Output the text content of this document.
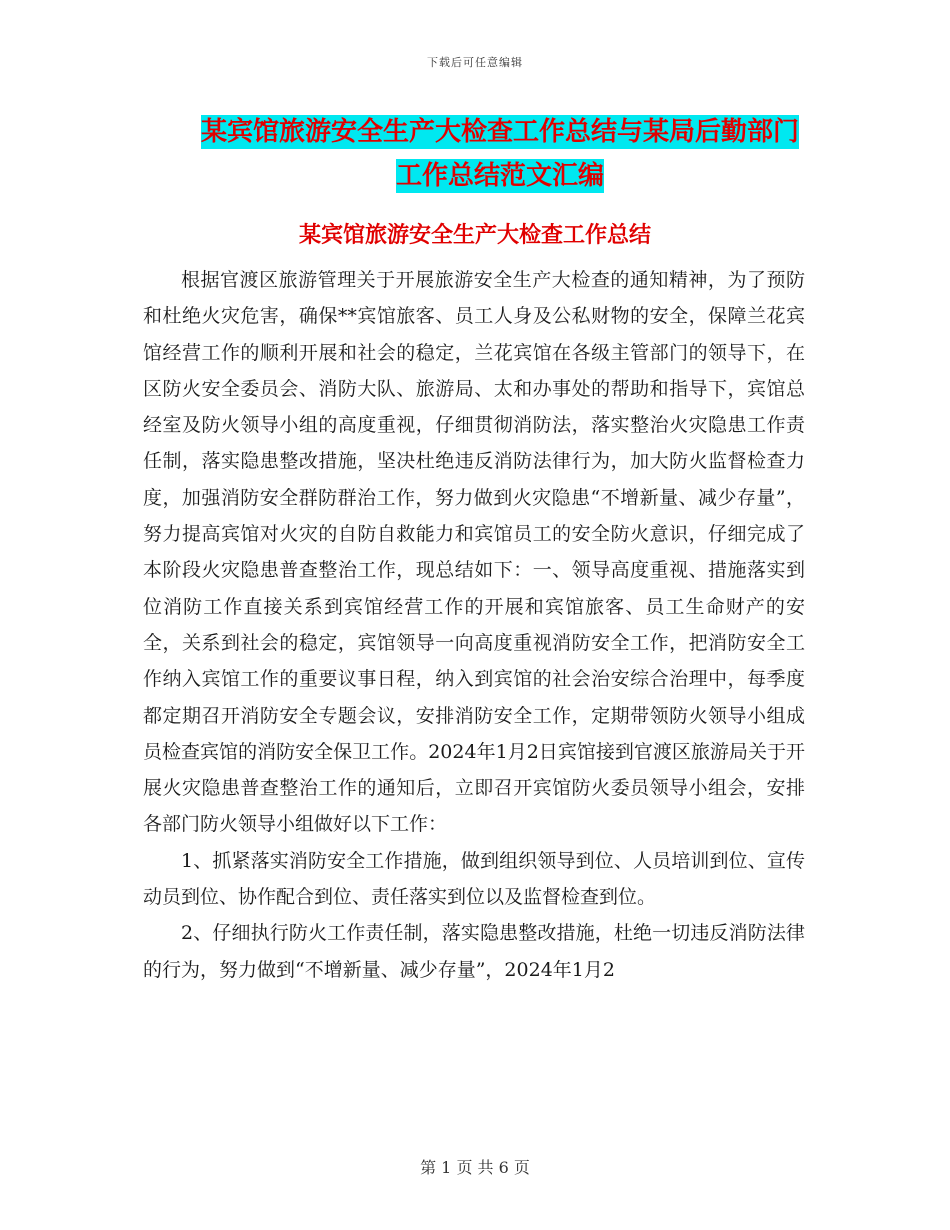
下载后可任意编辑
某宾馆旅游安全生产大检查工作总结与某局后勤部门
工作总结范文汇编
某宾馆旅游安全生产大检查工作总结

根据官渡区旅游管理关于开展旅游安全生产大检查的通知精神，为了预防和杜绝火灾危害，确保**宾馆旅客、员工人身及公私财物的安全，保障兰花宾馆经营工作的顺利开展和社会的稳定，兰花宾馆在各级主管部门的领导下，在区防火安全委员会、消防大队、旅游局、太和办事处的帮助和指导下，宾馆总经室及防火领导小组的高度重视，仔细贯彻消防法，落实整治火灾隐患工作责任制，落实隐患整改措施，坚决杜绝违反消防法律行为，加大防火监督检查力度，加强消防安全群防群治工作，努力做到火灾隐患“不增新量、减少存量”，努力提高宾馆对火灾的自防自救能力和宾馆员工的安全防火意识，仔细完成了本阶段火灾隐患普查整治工作，现总结如下：一、领导高度重视、措施落实到位消防工作直接关系到宾馆经营工作的开展和宾馆旅客、员工生命财产的安全，关系到社会的稳定，宾馆领导一向高度重视消防安全工作，把消防安全工作纳入宾馆工作的重要议事日程，纳入到宾馆的社会治安综合治理中，每季度都定期召开消防安全专题会议，安排消防安全工作，定期带领防火领导小组成员检查宾馆的消防安全保卫工作。2024年1月2日宾馆接到官渡区旅游局关于开展火灾隐患普查整治工作的通知后，立即召开宾馆防火委员领导小组会，安排各部门防火领导小组做好以下工作：

1、抓紧落实消防安全工作措施，做到组织领导到位、人员培训到位、宣传动员到位、协作配合到位、责任落实到位以及监督检查到位。

2、仔细执行防火工作责任制，落实隐患整改措施，杜绝一切违反消防法律的行为，努力做到“不增新量、减少存量”，2024年1月2

第 1 页 共 6 页
